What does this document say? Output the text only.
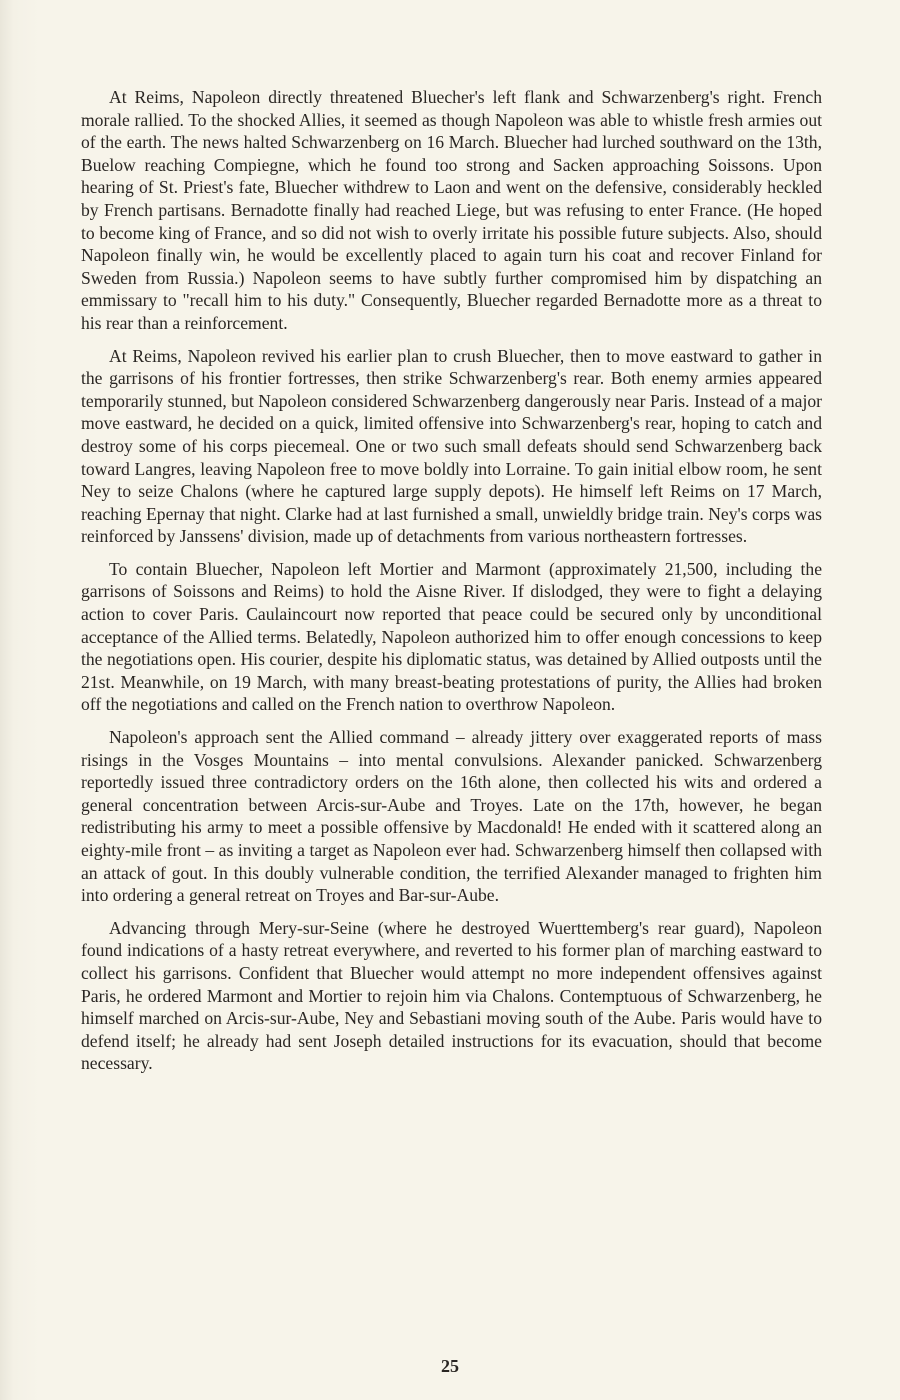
At Reims, Napoleon directly threatened Bluecher's left flank and Schwarzenberg's right. French morale rallied. To the shocked Allies, it seemed as though Napoleon was able to whistle fresh armies out of the earth. The news halted Schwarzenberg on 16 March. Bluecher had lurched southward on the 13th, Buelow reaching Compiegne, which he found too strong and Sacken approaching Soissons. Upon hearing of St. Priest's fate, Bluecher withdrew to Laon and went on the defensive, considerably heckled by French partisans. Bernadotte finally had reached Liege, but was refusing to enter France. (He hoped to become king of France, and so did not wish to overly irritate his possible future subjects. Also, should Napoleon finally win, he would be excellently placed to again turn his coat and recover Finland for Sweden from Russia.) Napoleon seems to have subtly further compromised him by dispatching an emmissary to "recall him to his duty." Consequently, Bluecher regarded Bernadotte more as a threat to his rear than a reinforcement.

At Reims, Napoleon revived his earlier plan to crush Bluecher, then to move eastward to gather in the garrisons of his frontier fortresses, then strike Schwarzenberg's rear. Both enemy armies appeared temporarily stunned, but Napoleon considered Schwarzenberg dangerously near Paris. Instead of a major move eastward, he decided on a quick, limited offensive into Schwarzenberg's rear, hoping to catch and destroy some of his corps piecemeal. One or two such small defeats should send Schwarzenberg back toward Langres, leaving Napoleon free to move boldly into Lorraine. To gain initial elbow room, he sent Ney to seize Chalons (where he captured large supply depots). He himself left Reims on 17 March, reaching Epernay that night. Clarke had at last furnished a small, unwieldly bridge train. Ney's corps was reinforced by Janssens' division, made up of detachments from various northeastern fortresses.

To contain Bluecher, Napoleon left Mortier and Marmont (approximately 21,500, including the garrisons of Soissons and Reims) to hold the Aisne River. If dislodged, they were to fight a delaying action to cover Paris. Caulaincourt now reported that peace could be secured only by unconditional acceptance of the Allied terms. Belatedly, Napoleon authorized him to offer enough concessions to keep the negotiations open. His courier, despite his diplomatic status, was detained by Allied outposts until the 21st. Meanwhile, on 19 March, with many breast-beating protestations of purity, the Allies had broken off the negotiations and called on the French nation to overthrow Napoleon.

Napoleon's approach sent the Allied command – already jittery over exaggerated reports of mass risings in the Vosges Mountains – into mental convulsions. Alexander panicked. Schwarzenberg reportedly issued three contradictory orders on the 16th alone, then collected his wits and ordered a general concentration between Arcis-sur-Aube and Troyes. Late on the 17th, however, he began redistributing his army to meet a possible offensive by Macdonald! He ended with it scattered along an eighty-mile front – as inviting a target as Napoleon ever had. Schwarzenberg himself then collapsed with an attack of gout. In this doubly vulnerable condition, the terrified Alexander managed to frighten him into ordering a general retreat on Troyes and Bar-sur-Aube.

Advancing through Mery-sur-Seine (where he destroyed Wuerttemberg's rear guard), Napoleon found indications of a hasty retreat everywhere, and reverted to his former plan of marching eastward to collect his garrisons. Confident that Bluecher would attempt no more independent offensives against Paris, he ordered Marmont and Mortier to rejoin him via Chalons. Contemptuous of Schwarzenberg, he himself marched on Arcis-sur-Aube, Ney and Sebastiani moving south of the Aube. Paris would have to defend itself; he already had sent Joseph detailed instructions for its evacuation, should that become necessary.

25
